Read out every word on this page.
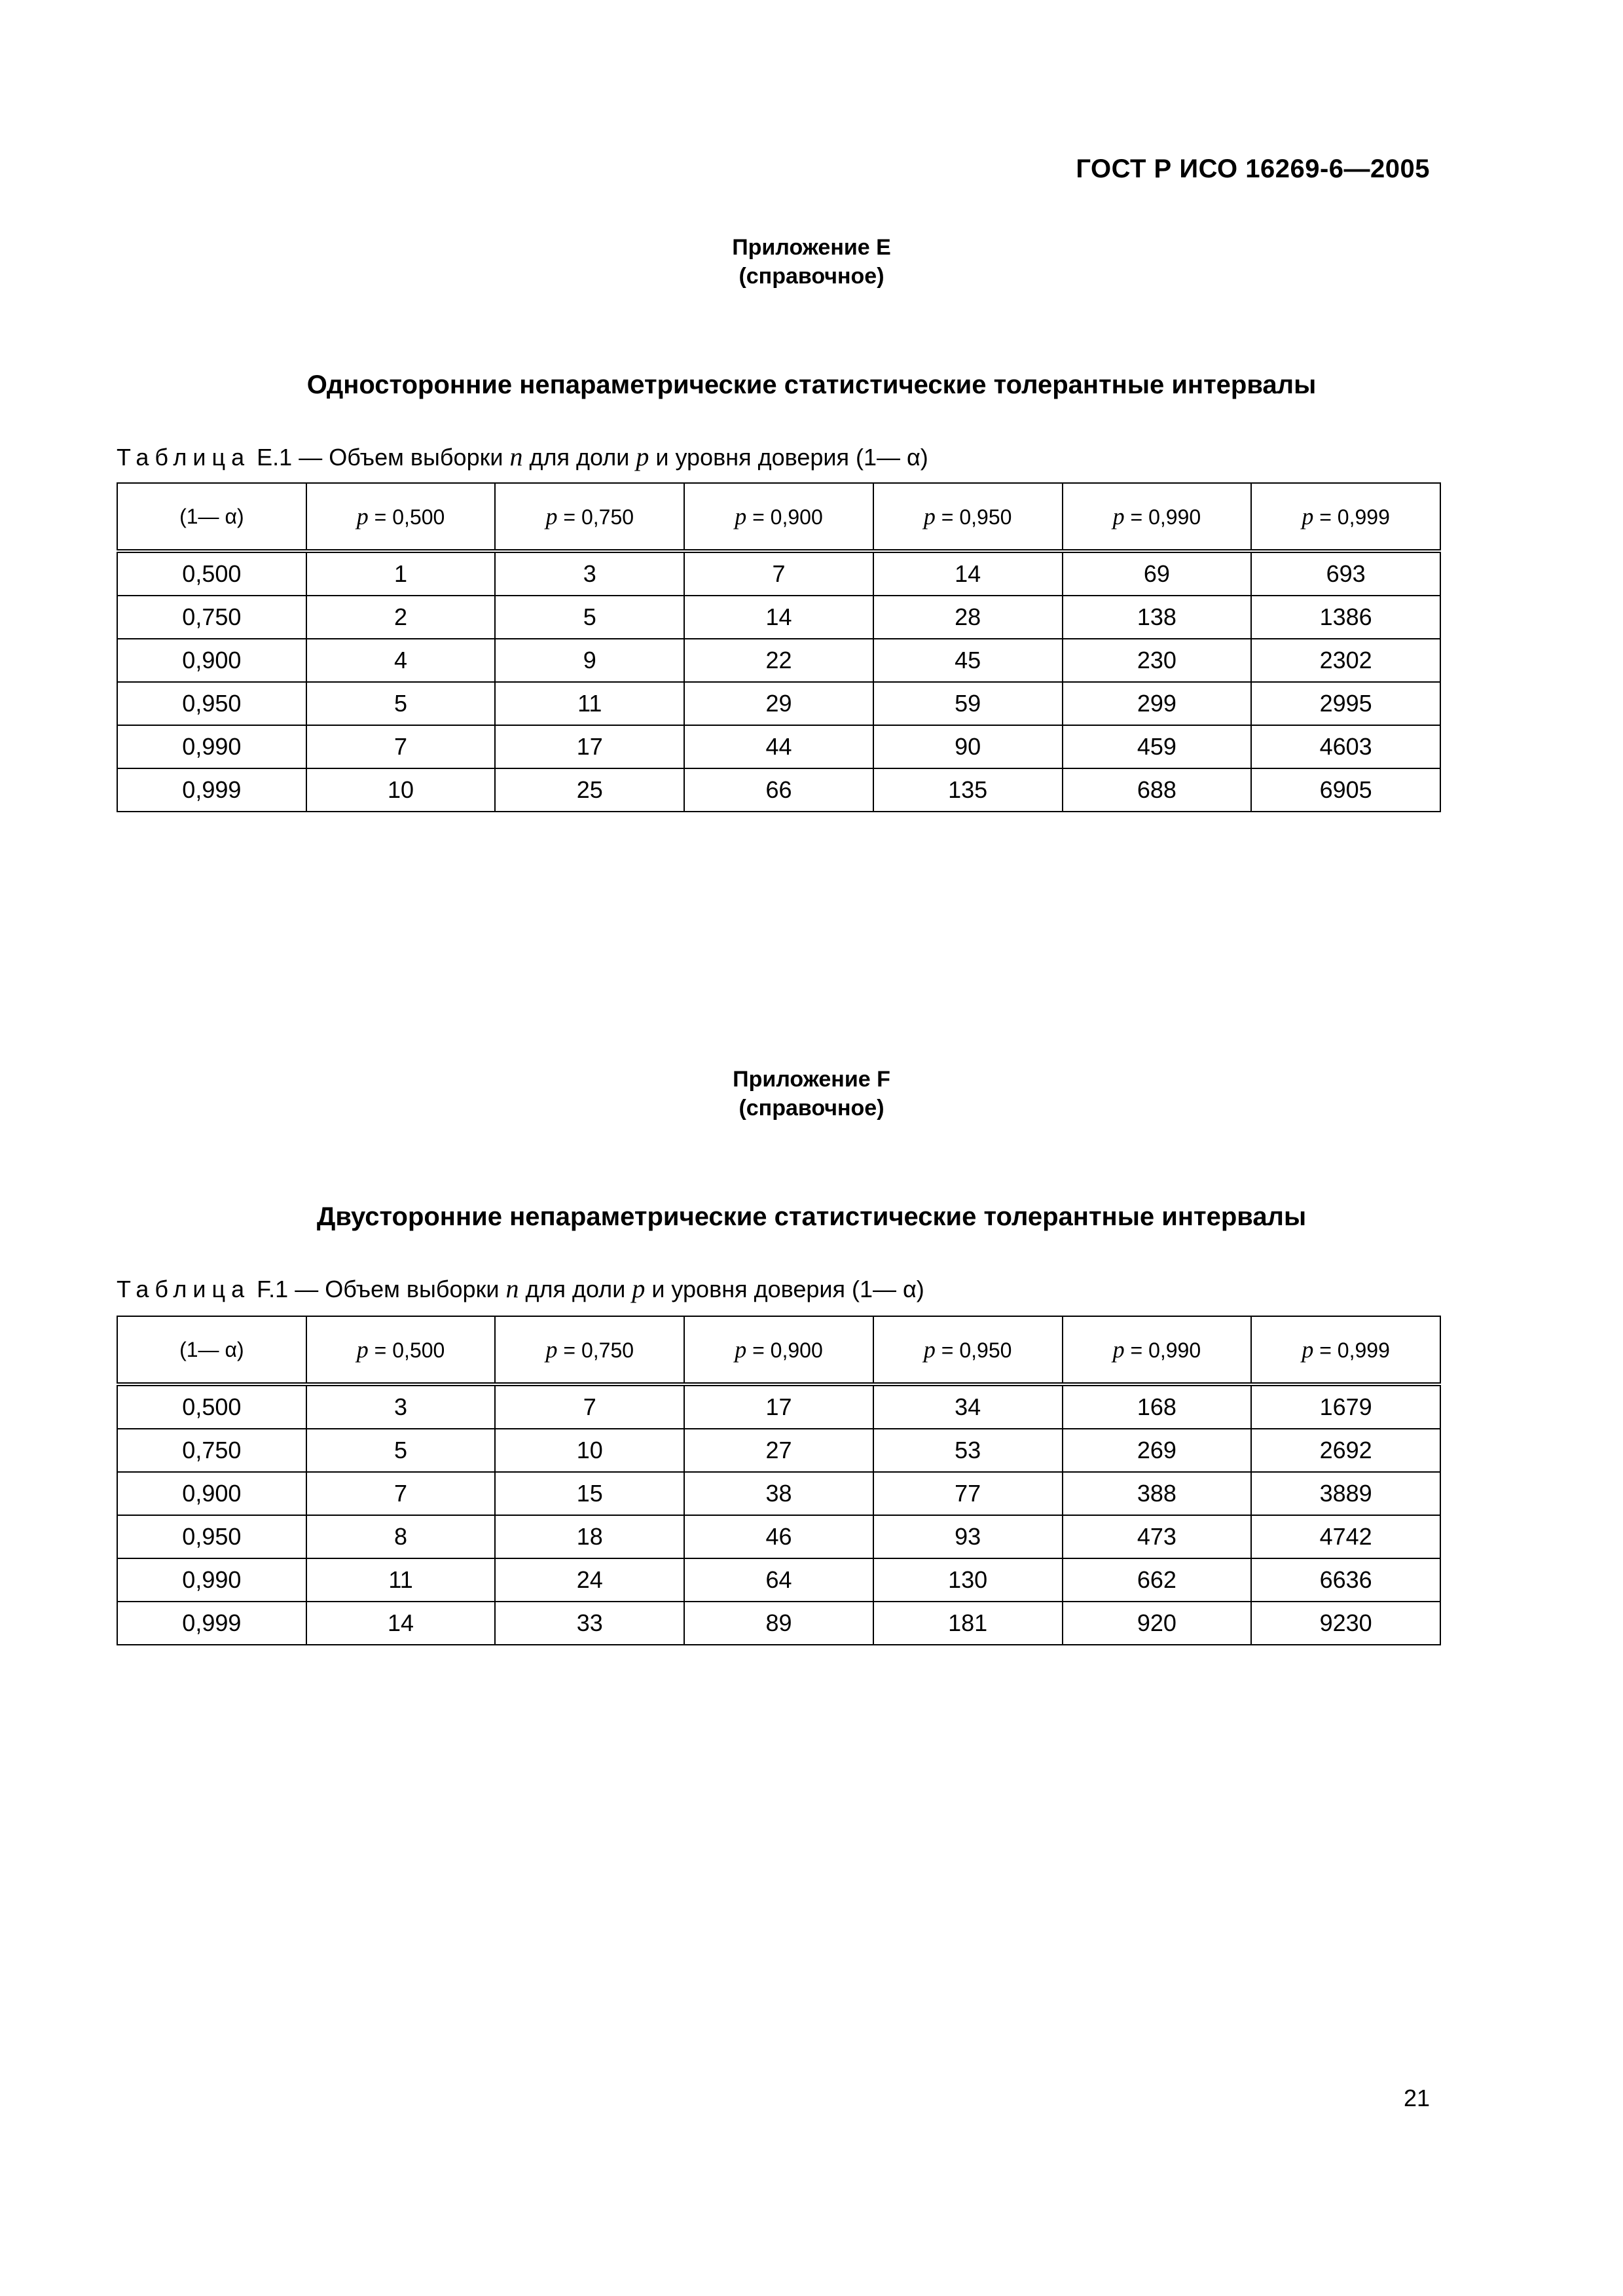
ГОСТ Р ИСО 16269-6—2005
Приложение E
(справочное)
Односторонние непараметрические статистические толерантные интервалы
Таблица E.1 — Объем выборки n для доли p и уровня доверия (1— α)
(1— α)	p = 0,500	p = 0,750	p = 0,900	p = 0,950	p = 0,990	p = 0,999
0,500	1	3	7	14	69	693
0,750	2	5	14	28	138	1386
0,900	4	9	22	45	230	2302
0,950	5	11	29	59	299	2995
0,990	7	17	44	90	459	4603
0,999	10	25	66	135	688	6905
Приложение F
(справочное)
Двусторонние непараметрические статистические толерантные интервалы
Таблица F.1 — Объем выборки n для доли p и уровня доверия (1— α)
(1— α)	p = 0,500	p = 0,750	p = 0,900	p = 0,950	p = 0,990	p = 0,999
0,500	3	7	17	34	168	1679
0,750	5	10	27	53	269	2692
0,900	7	15	38	77	388	3889
0,950	8	18	46	93	473	4742
0,990	11	24	64	130	662	6636
0,999	14	33	89	181	920	9230
21
